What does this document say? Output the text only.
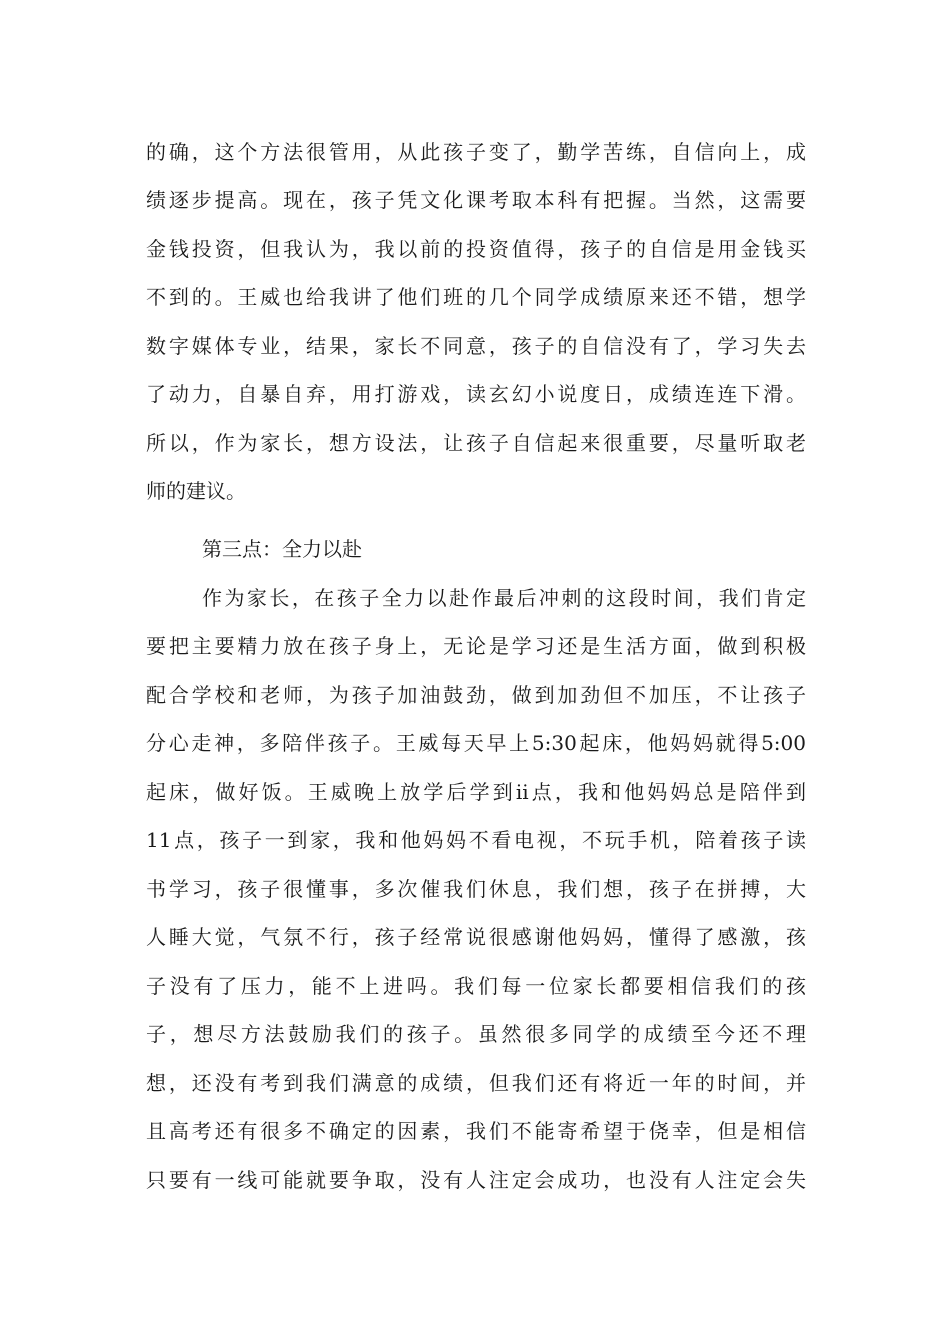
的确，这个方法很管用，从此孩子变了，勤学苦练，自信向上，成
绩逐步提高。现在，孩子凭文化课考取本科有把握。当然，这需要
金钱投资，但我认为，我以前的投资值得，孩子的自信是用金钱买
不到的。王威也给我讲了他们班的几个同学成绩原来还不错，想学
数字媒体专业，结果，家长不同意，孩子的自信没有了，学习失去
了动力，自暴自弃，用打游戏，读玄幻小说度日，成绩连连下滑。
所以，作为家长，想方设法，让孩子自信起来很重要，尽量听取老
师的建议。
第三点：全力以赴
作为家长，在孩子全力以赴作最后冲刺的这段时间，我们肯定
要把主要精力放在孩子身上，无论是学习还是生活方面，做到积极
配合学校和老师，为孩子加油鼓劲，做到加劲但不加压，不让孩子
分心走神，多陪伴孩子。王威每天早上5:30起床，他妈妈就得5:00
起床，做好饭。王威晚上放学后学到ii点，我和他妈妈总是陪伴到
11点，孩子一到家，我和他妈妈不看电视，不玩手机，陪着孩子读
书学习，孩子很懂事，多次催我们休息，我们想，孩子在拼搏，大
人睡大觉，气氛不行，孩子经常说很感谢他妈妈，懂得了感激，孩
子没有了压力，能不上进吗。我们每一位家长都要相信我们的孩
子，想尽方法鼓励我们的孩子。虽然很多同学的成绩至今还不理
想，还没有考到我们满意的成绩，但我们还有将近一年的时间，并
且高考还有很多不确定的因素，我们不能寄希望于侥幸，但是相信
只要有一线可能就要争取，没有人注定会成功，也没有人注定会失
